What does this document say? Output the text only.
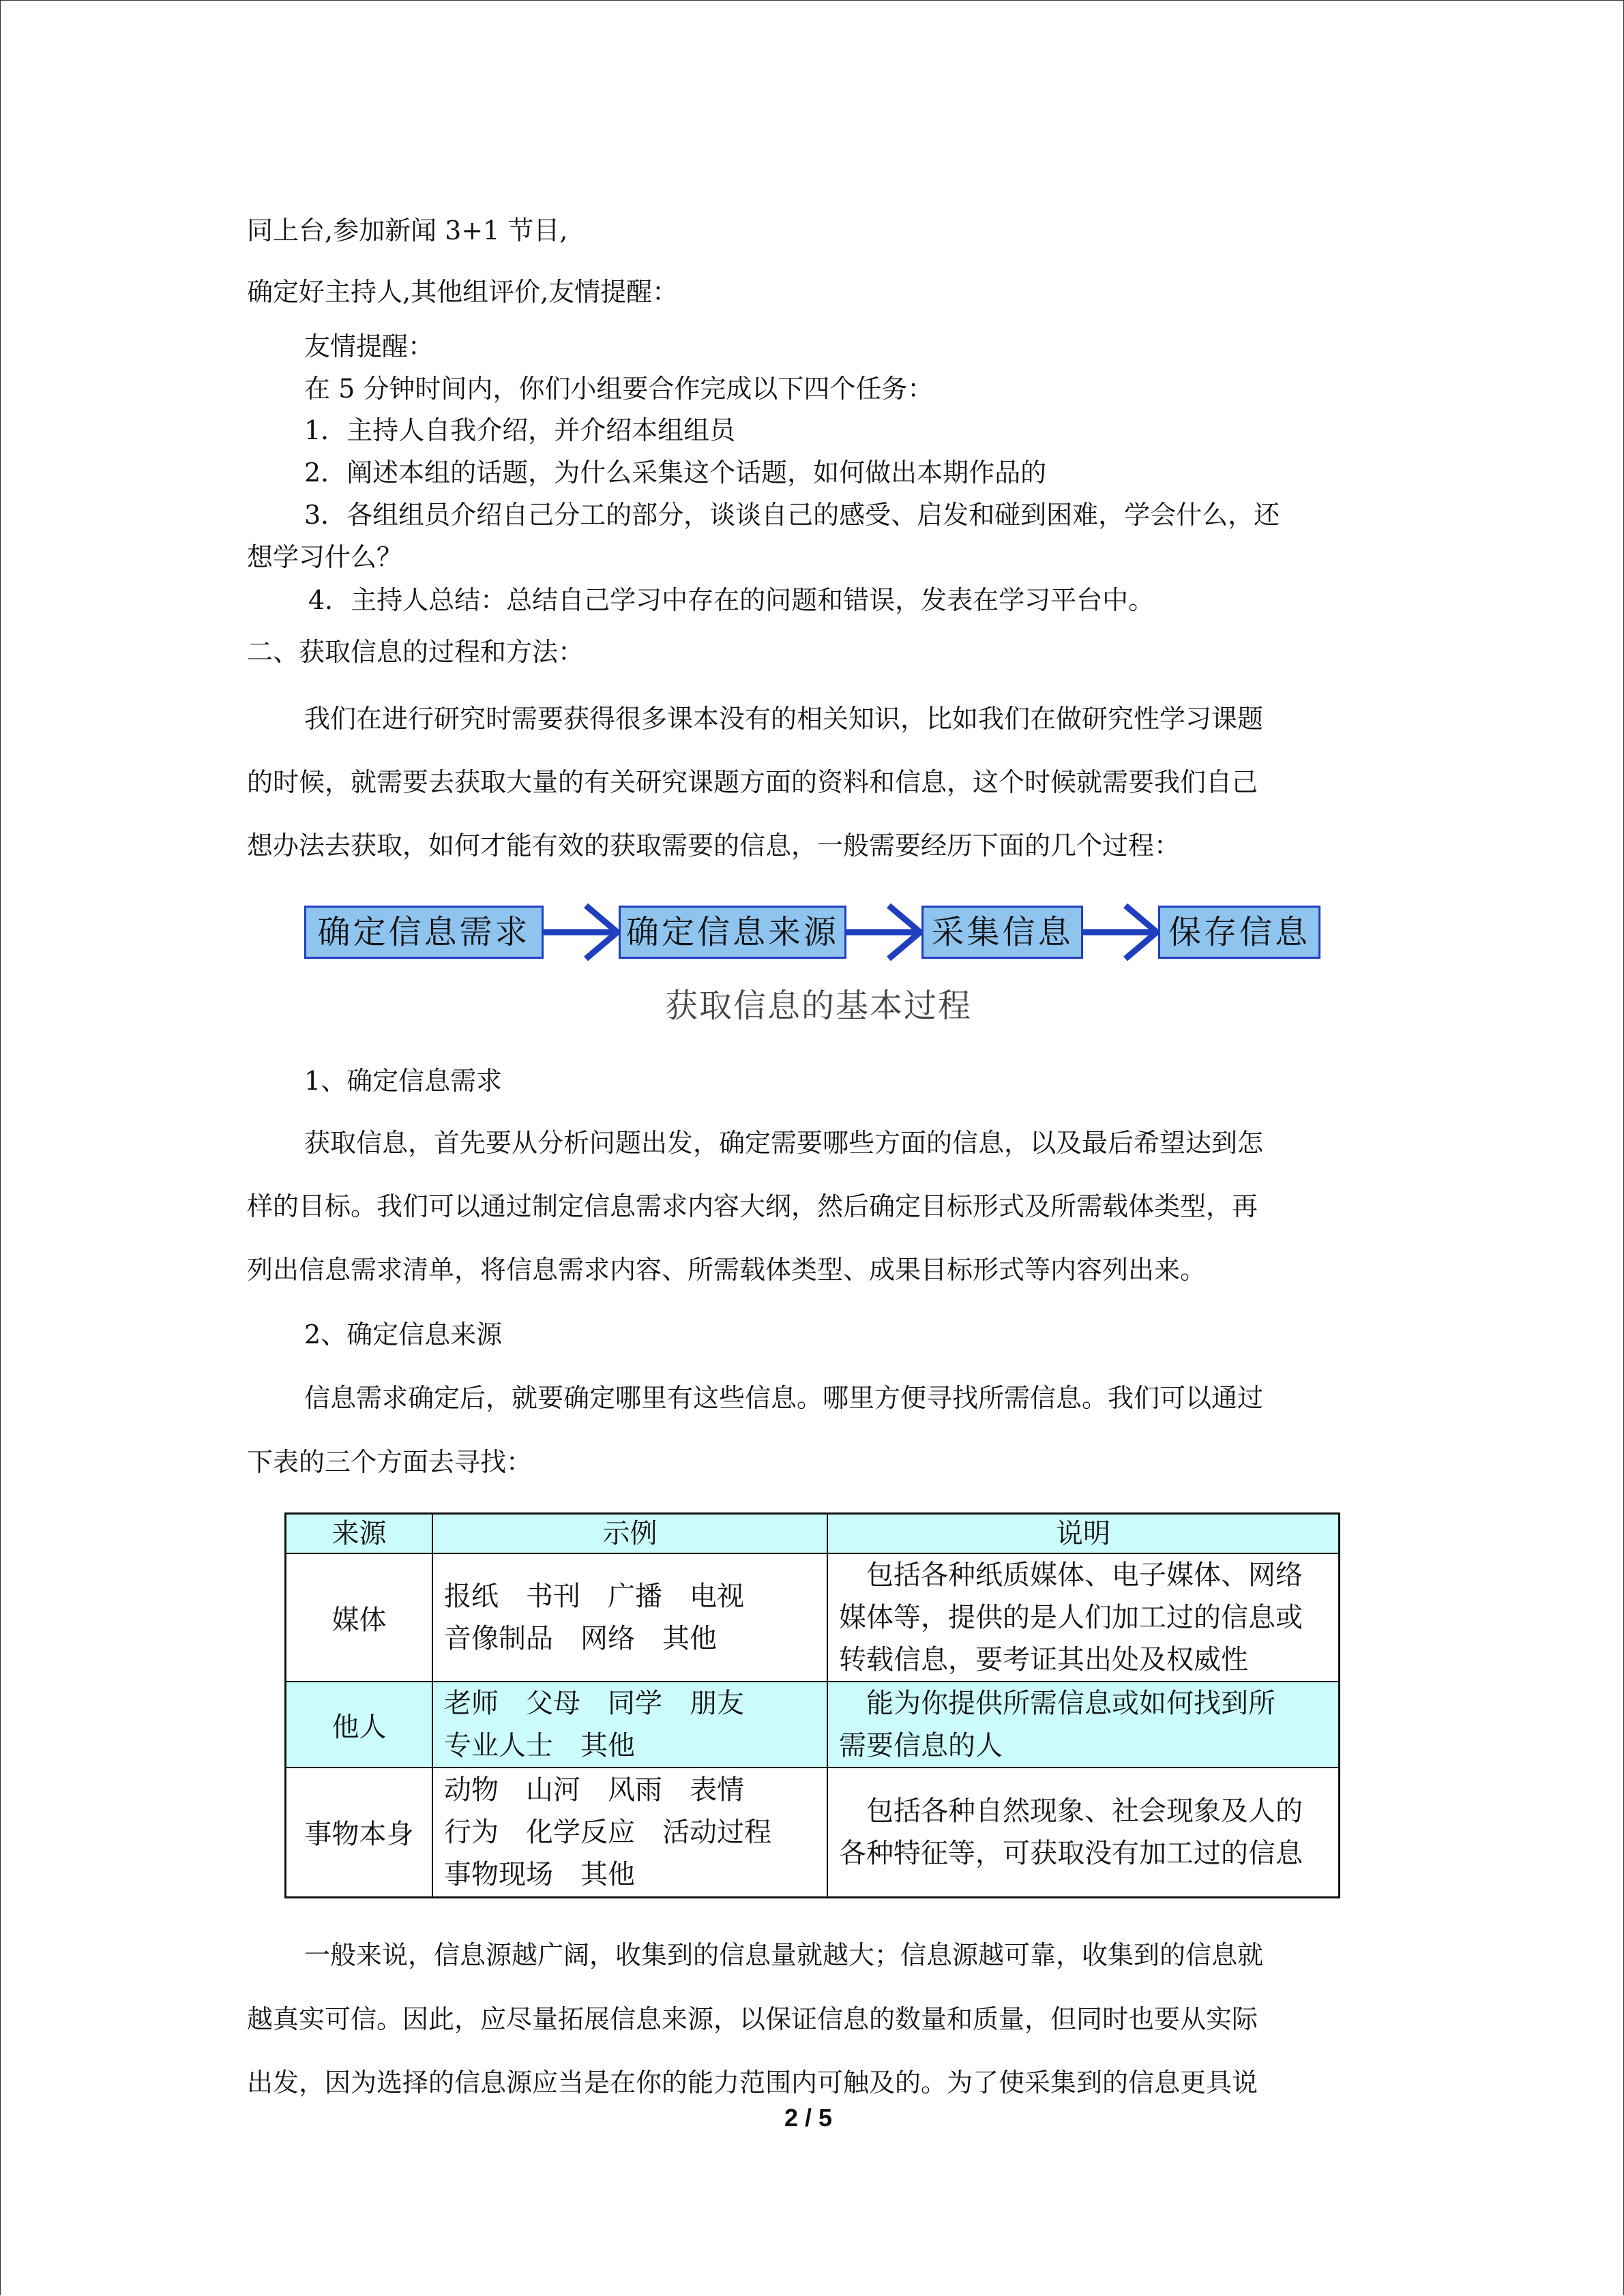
同上台,参加新闻 3+1 节目,
确定好主持人,其他组评价,友情提醒：
友情提醒：
在 5 分钟时间内，你们小组要合作完成以下四个任务：
1．主持人自我介绍，并介绍本组组员
2．阐述本组的话题，为什么采集这个话题，如何做出本期作品的
3．各组组员介绍自己分工的部分，谈谈自己的感受、启发和碰到困难，学会什么，还
想学习什么？
4．主持人总结：总结自己学习中存在的问题和错误，发表在学习平台中。
二、获取信息的过程和方法：
我们在进行研究时需要获得很多课本没有的相关知识，比如我们在做研究性学习课题
的时候，就需要去获取大量的有关研究课题方面的资料和信息，这个时候就需要我们自己
想办法去获取，如何才能有效的获取需要的信息，一般需要经历下面的几个过程：
确定信息需求	确定信息来源	采集信息	保存信息
获取信息的基本过程
1、确定信息需求
获取信息，首先要从分析问题出发，确定需要哪些方面的信息，以及最后希望达到怎
样的目标。我们可以通过制定信息需求内容大纲，然后确定目标形式及所需载体类型，再
列出信息需求清单，将信息需求内容、所需载体类型、成果目标形式等内容列出来。
2、确定信息来源
信息需求确定后，就要确定哪里有这些信息。哪里方便寻找所需信息。我们可以通过
下表的三个方面去寻找：
来源	示例	说明
媒体	报纸　书刊　广播　电视
音像制品　网络　其他	　包括各种纸质媒体、电子媒体、网络
媒体等，提供的是人们加工过的信息或
转载信息，要考证其出处及权威性

他人	老师　父母　同学　朋友
专业人士　其他	　能为你提供所需信息或如何找到所
需要信息的人

事物本身	动物　山河　风雨　表情
行为　化学反应　活动过程
事物现场　其他	　包括各种自然现象、社会现象及人的
各种特征等，可获取没有加工过的信息
一般来说，信息源越广阔，收集到的信息量就越大；信息源越可靠，收集到的信息就
越真实可信。因此，应尽量拓展信息来源，以保证信息的数量和质量，但同时也要从实际
出发，因为选择的信息源应当是在你的能力范围内可触及的。为了使采集到的信息更具说
2 / 5
